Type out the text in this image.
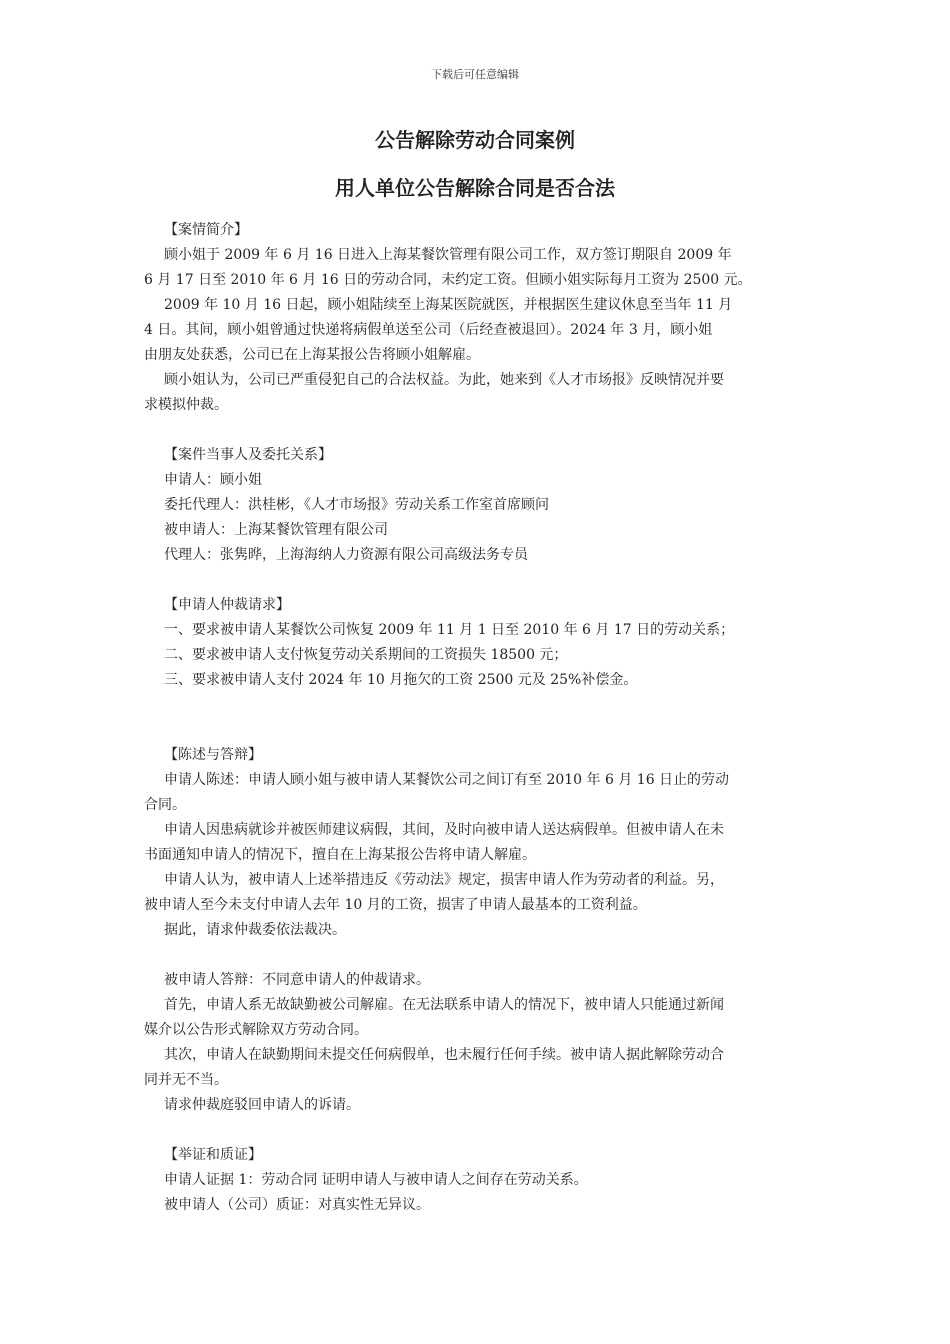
下载后可任意编辑
公告解除劳动合同案例
用人单位公告解除合同是否合法
【案情简介】
顾小姐于 2009 年 6 月 16 日进入上海某餐饮管理有限公司工作，双方签订期限自 2009 年
6 月 17 日至 2010 年 6 月 16 日的劳动合同，未约定工资。但顾小姐实际每月工资为 2500 元。
2009 年 10 月 16 日起，顾小姐陆续至上海某医院就医，并根据医生建议休息至当年 11 月
4 日。其间，顾小姐曾通过快递将病假单送至公司（后经查被退回）。2024 年 3 月，顾小姐
由朋友处获悉，公司已在上海某报公告将顾小姐解雇。
顾小姐认为，公司已严重侵犯自己的合法权益。为此，她来到《人才市场报》反映情况并要
求模拟仲裁。
【案件当事人及委托关系】
申请人：顾小姐
委托代理人：洪桂彬，《人才市场报》劳动关系工作室首席顾问
被申请人：上海某餐饮管理有限公司
代理人：张隽晔，上海海纳人力资源有限公司高级法务专员
【申请人仲裁请求】
一、要求被申请人某餐饮公司恢复 2009 年 11 月 1 日至 2010 年 6 月 17 日的劳动关系；
二、要求被申请人支付恢复劳动关系期间的工资损失 18500 元；
三、要求被申请人支付 2024 年 10 月拖欠的工资 2500 元及 25%补偿金。
【陈述与答辩】
申请人陈述：申请人顾小姐与被申请人某餐饮公司之间订有至 2010 年 6 月 16 日止的劳动
合同。
申请人因患病就诊并被医师建议病假，其间，及时向被申请人送达病假单。但被申请人在未
书面通知申请人的情况下，擅自在上海某报公告将申请人解雇。
申请人认为，被申请人上述举措违反《劳动法》规定，损害申请人作为劳动者的利益。另，
被申请人至今未支付申请人去年 10 月的工资，损害了申请人最基本的工资利益。
据此，请求仲裁委依法裁决。
被申请人答辩：不同意申请人的仲裁请求。
首先，申请人系无故缺勤被公司解雇。在无法联系申请人的情况下，被申请人只能通过新闻
媒介以公告形式解除双方劳动合同。
其次，申请人在缺勤期间未提交任何病假单，也未履行任何手续。被申请人据此解除劳动合
同并无不当。
请求仲裁庭驳回申请人的诉请。
【举证和质证】
申请人证据 1：劳动合同 证明申请人与被申请人之间存在劳动关系。
被申请人（公司）质证：对真实性无异议。
